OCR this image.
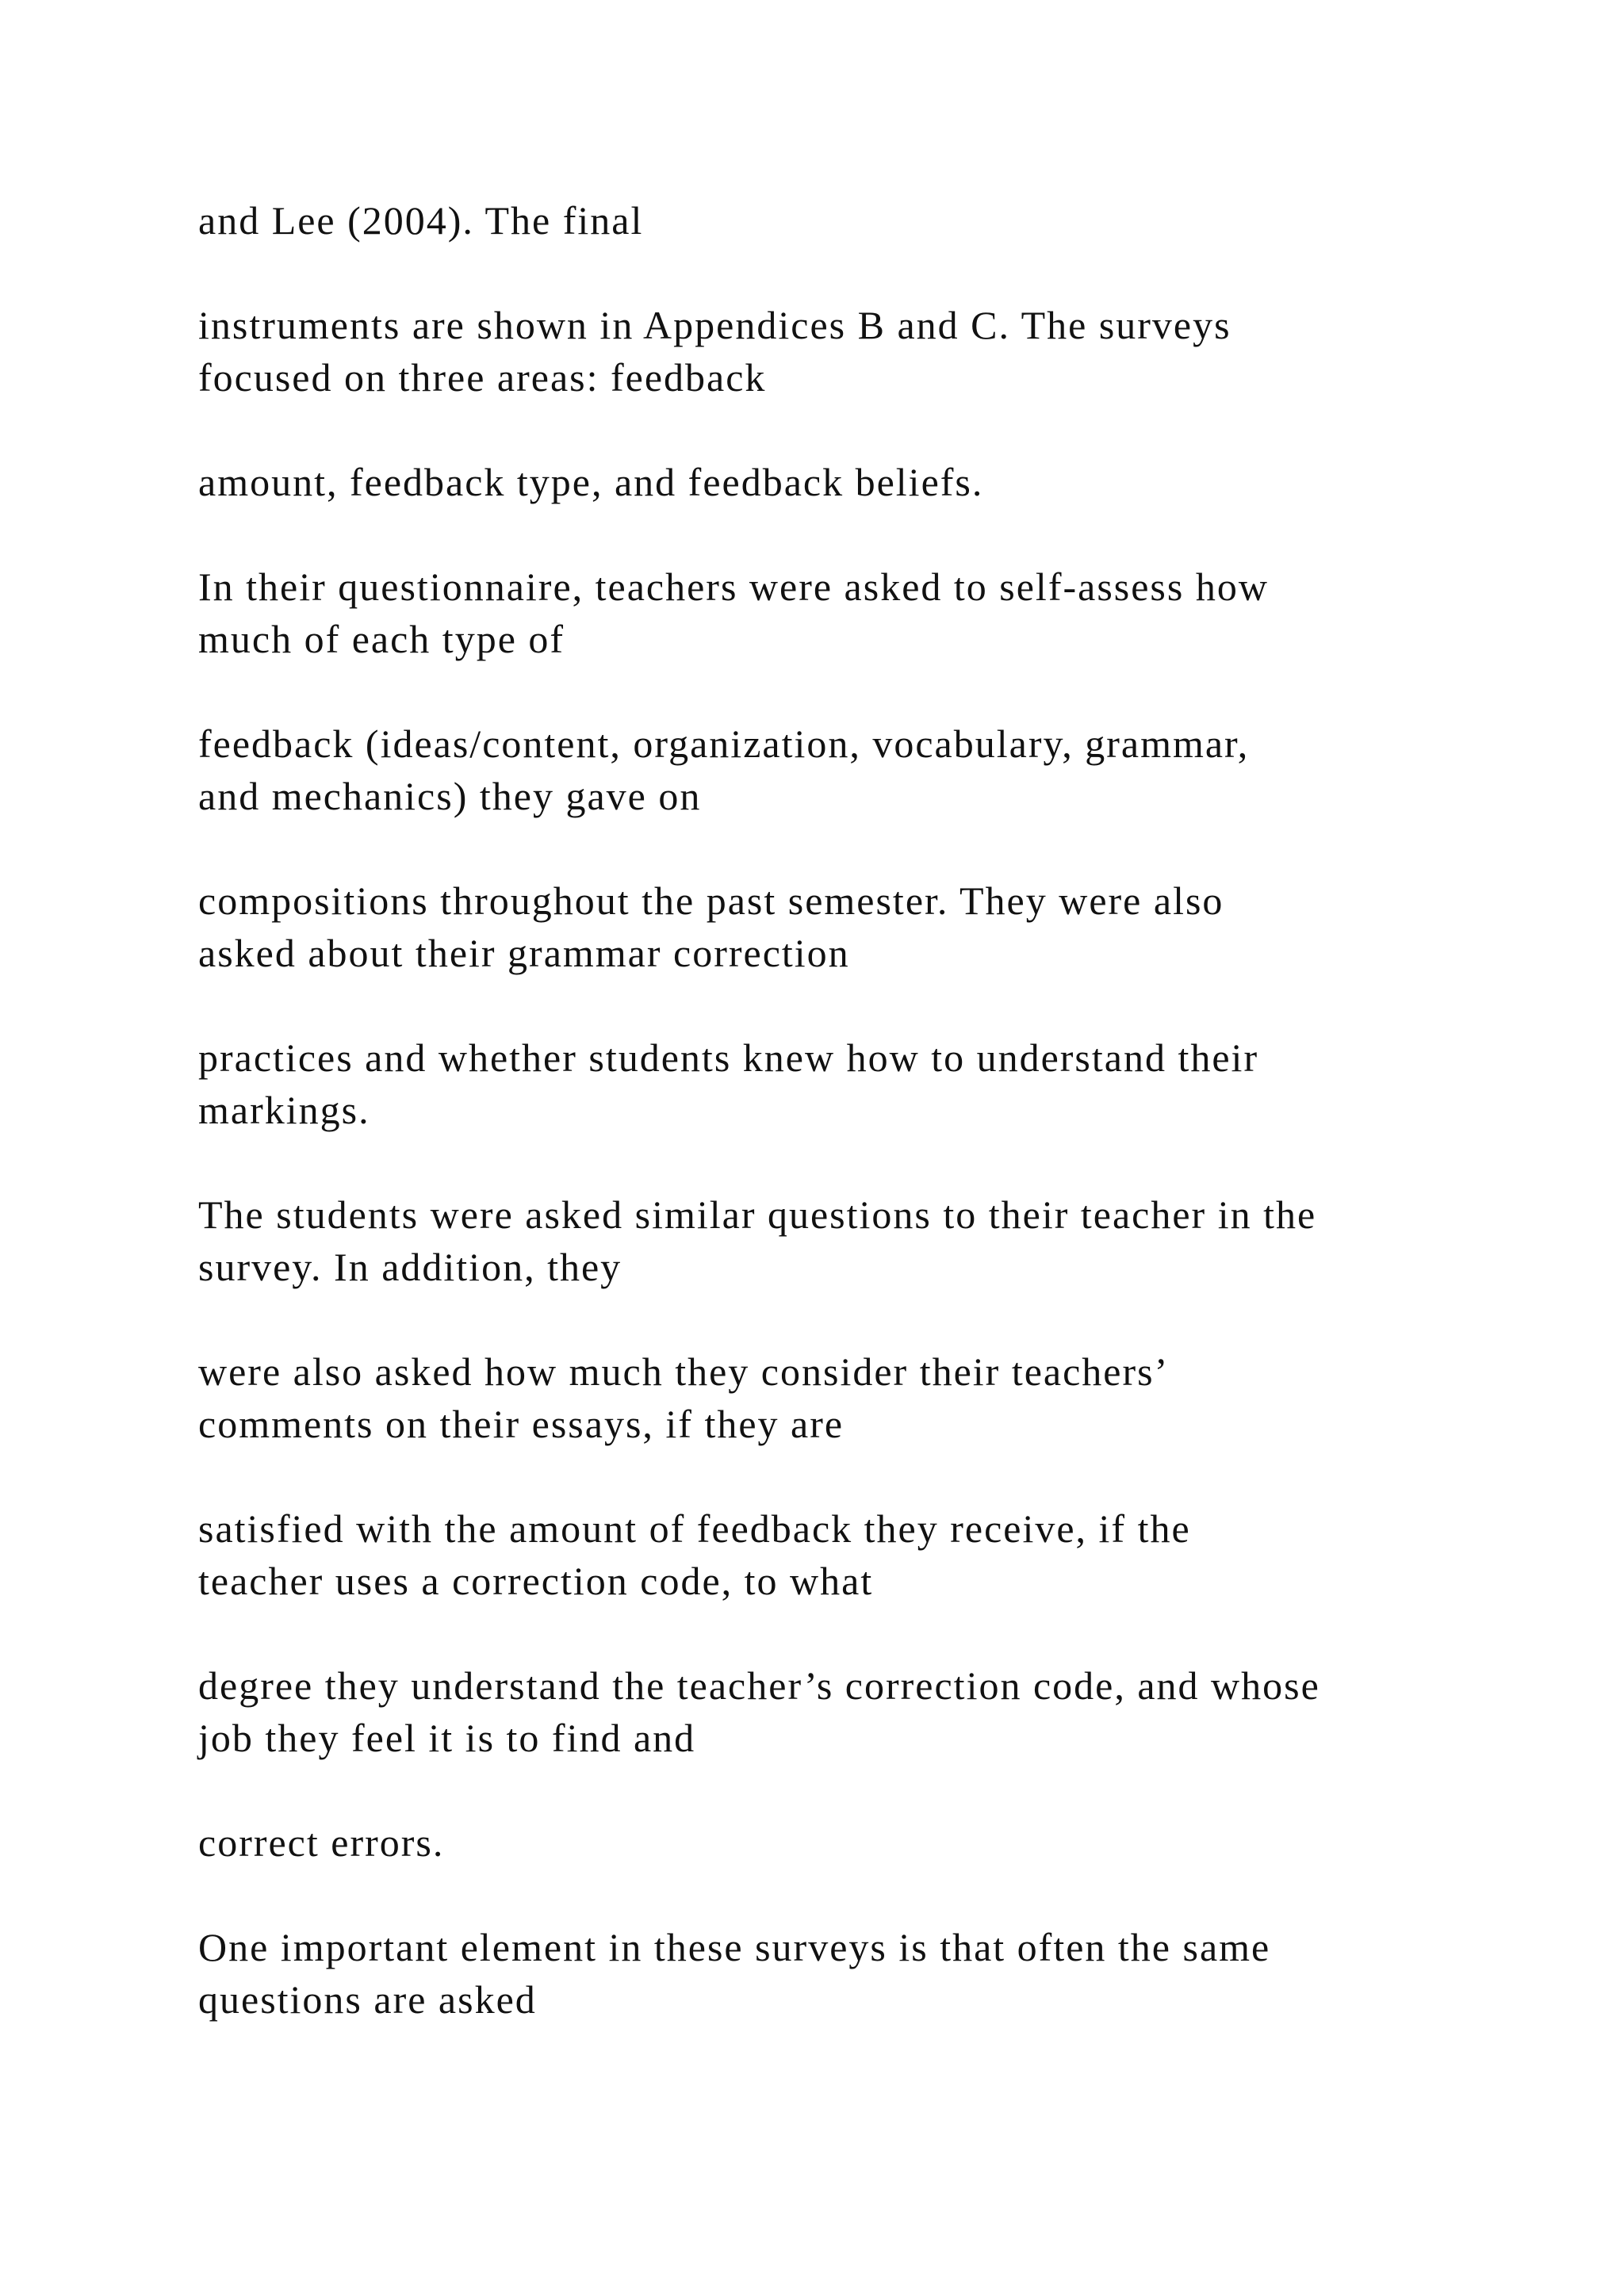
and Lee (2004). The final

instruments are shown in Appendices B and C. The surveys
focused on three areas: feedback

amount, feedback type, and feedback beliefs.

In their questionnaire, teachers were asked to self-assess how
much of each type of

feedback (ideas/content, organization, vocabulary, grammar,
and mechanics) they gave on

compositions throughout the past semester. They were also
asked about their grammar correction

practices and whether students knew how to understand their
markings.

The students were asked similar questions to their teacher in the
survey. In addition, they

were also asked how much they consider their teachers’
comments on their essays, if they are

satisfied with the amount of feedback they receive, if the
teacher uses a correction code, to what

degree they understand the teacher’s correction code, and whose
job they feel it is to find and

correct errors.

One important element in these surveys is that often the same
questions are asked
